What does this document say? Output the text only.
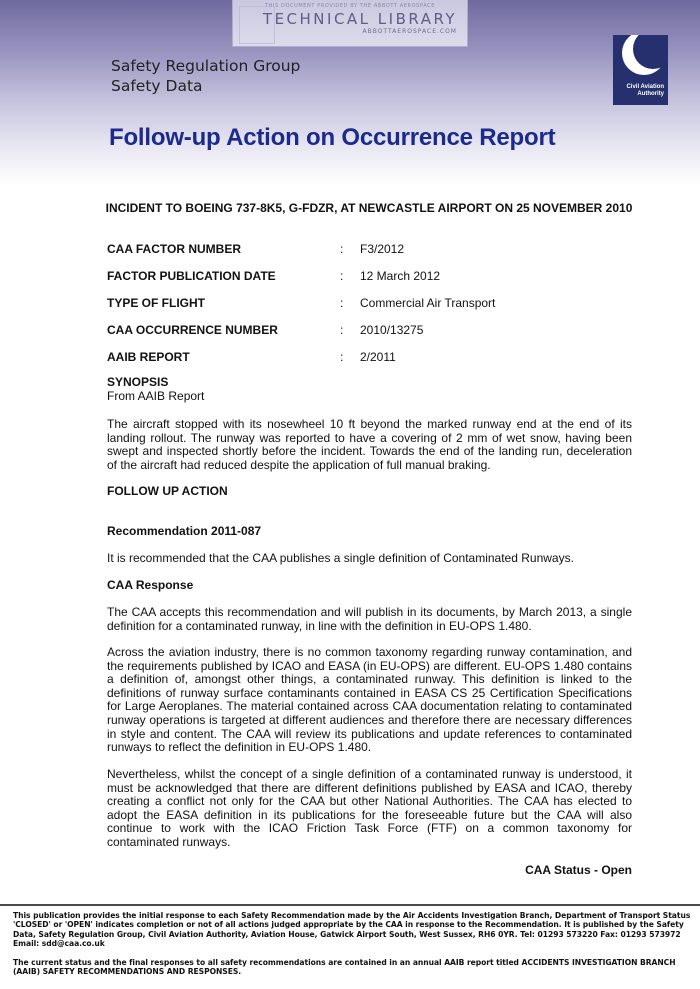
THIS DOCUMENT PROVIDED BY THE ABBOTT AEROSPACE
TECHNICAL LIBRARY
ABBOTTAEROSPACE.COM
Safety Regulation Group
Safety Data	Civil Aviation
Authority
Follow-up Action on Occurrence Report
INCIDENT TO BOEING 737-8K5, G-FDZR, AT NEWCASTLE AIRPORT ON 25 NOVEMBER 2010
CAA FACTOR NUMBER	: F3/2012
FACTOR PUBLICATION DATE	: 12 March 2012
TYPE OF FLIGHT	: Commercial Air Transport
CAA OCCURRENCE NUMBER	: 2010/13275
AAIB REPORT	: 2/2011
SYNOPSIS
From AAIB Report
The aircraft stopped with its nosewheel 10 ft beyond the marked runway end at the end of its landing rollout. The runway was reported to have a covering of 2 mm of wet snow, having been swept and inspected shortly before the incident. Towards the end of the landing run, deceleration of the aircraft had reduced despite the application of full manual braking.
FOLLOW UP ACTION
Recommendation 2011-087
It is recommended that the CAA publishes a single definition of Contaminated Runways.
CAA Response
The CAA accepts this recommendation and will publish in its documents, by March 2013, a single definition for a contaminated runway, in line with the definition in EU-OPS 1.480.
Across the aviation industry, there is no common taxonomy regarding runway contamination, and the requirements published by ICAO and EASA (in EU-OPS) are different. EU-OPS 1.480 contains a definition of, amongst other things, a contaminated runway. This definition is linked to the definitions of runway surface contaminants contained in EASA CS 25 Certification Specifications for Large Aeroplanes. The material contained across CAA documentation relating to contaminated runway operations is targeted at different audiences and therefore there are necessary differences in style and content. The CAA will review its publications and update references to contaminated runways to reflect the definition in EU-OPS 1.480.
Nevertheless, whilst the concept of a single definition of a contaminated runway is understood, it must be acknowledged that there are different definitions published by EASA and ICAO, thereby creating a conflict not only for the CAA but other National Authorities. The CAA has elected to adopt the EASA definition in its publications for the foreseeable future but the CAA will also continue to work with the ICAO Friction Task Force (FTF) on a common taxonomy for contaminated runways.
CAA Status - Open

This publication provides the initial response to each Safety Recommendation made by the Air Accidents Investigation Branch, Department of Transport Status 'CLOSED' or 'OPEN' indicates completion or not of all actions judged appropriate by the CAA in response to the Recommendation. It is published by the Safety Data, Safety Regulation Group, Civil Aviation Authority, Aviation House, Gatwick Airport South, West Sussex, RH6 0YR. Tel: 01293 573220 Fax: 01293 573972 Email: sdd@caa.co.uk

The current status and the final responses to all safety recommendations are contained in an annual AAIB report titled ACCIDENTS INVESTIGATION BRANCH (AAIB) SAFETY RECOMMENDATIONS AND RESPONSES.
